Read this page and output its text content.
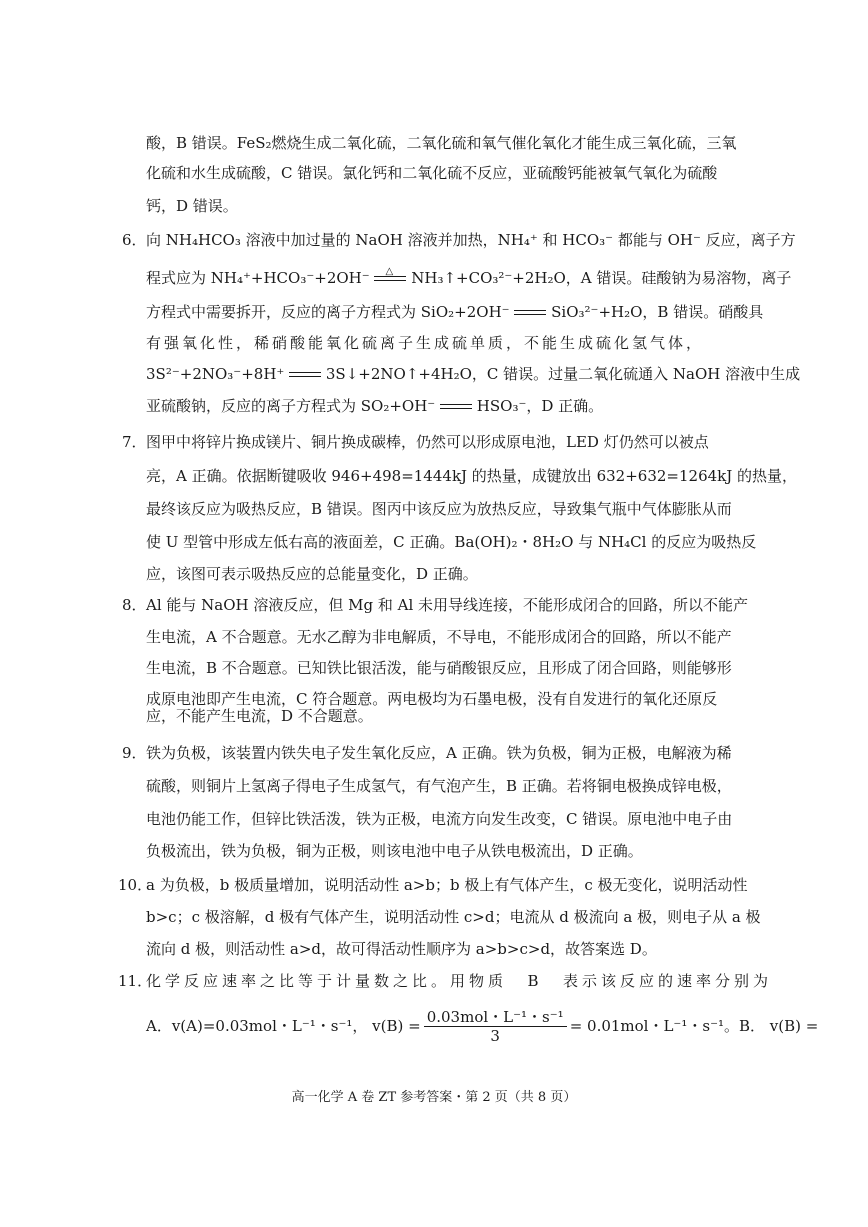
酸，B 错误。FeS₂燃烧生成二氧化硫，二氧化硫和氧气催化氧化才能生成三氧化硫，三氧
化硫和水生成硫酸，C 错误。氯化钙和二氧化硫不反应，亚硫酸钙能被氧气氧化为硫酸
钙，D 错误。
6． 向 NH₄HCO₃ 溶液中加过量的 NaOH 溶液并加热，NH₄⁺ 和 HCO₃⁻ 都能与 OH⁻ 反应，离子方
程式应为 NH₄⁺+HCO₃⁻+2OH⁻ △ NH₃↑+CO₃²⁻+2H₂O，A 错误。硅酸钠为易溶物，离子
方程式中需要拆开，反应的离子方程式为 SiO₂+2OH⁻	SiO₃²⁻+H₂O，B 错误。硝酸具
有强氧化性，稀硝酸能氧化硫离子生成硫单质，不能生成硫化氢气体，
3S²⁻+2NO₃⁻+8H⁺	3S↓+2NO↑+4H₂O，C 错误。过量二氧化硫通入 NaOH 溶液中生成
亚硫酸钠，反应的离子方程式为 SO₂+OH⁻	HSO₃⁻，D 正确。
7． 图甲中将锌片换成镁片、铜片换成碳棒，仍然可以形成原电池，LED 灯仍然可以被点
亮，A 正确。依据断键吸收 946+498=1444kJ 的热量，成键放出 632+632=1264kJ 的热量，
最终该反应为吸热反应，B 错误。图丙中该反应为放热反应，导致集气瓶中气体膨胀从而
使 U 型管中形成左低右高的液面差，C 正确。Ba(OH)₂・8H₂O 与 NH₄Cl 的反应为吸热反
应，该图可表示吸热反应的总能量变化，D 正确。
8． Al 能与 NaOH 溶液反应，但 Mg 和 Al 未用导线连接，不能形成闭合的回路，所以不能产
生电流，A 不合题意。无水乙醇为非电解质，不导电，不能形成闭合的回路，所以不能产
生电流，B 不合题意。已知铁比银活泼，能与硝酸银反应，且形成了闭合回路，则能够形
成原电池即产生电流，C 符合题意。两电极均为石墨电极，没有自发进行的氧化还原反
应，不能产生电流，D 不合题意。
9． 铁为负极，该装置内铁失电子发生氧化反应，A 正确。铁为负极，铜为正极，电解液为稀
硫酸，则铜片上氢离子得电子生成氢气，有气泡产生，B 正确。若将铜电极换成锌电极，
电池仍能工作，但锌比铁活泼，铁为正极，电流方向发生改变，C 错误。原电池中电子由
负极流出，铁为负极，铜为正极，则该电池中电子从铁电极流出，D 正确。
10．
a 为负极，b 极质量增加，说明活动性 a>b；b 极上有气体产生，c 极无变化，说明活动性
b>c；c 极溶解，d 极有气体产生，说明活动性 c>d；电流从 d 极流向 a 极，则电子从 a 极
流向 d 极，则活动性 a>d，故可得活动性顺序为 a>b>c>d，故答案选 D。
11．
化学反应速率之比等于计量数之比。用物质 B 表示该反应的速率分别为
A．v(A)=0.03mol・L⁻¹・s⁻¹， $v(B) = \frac{\text{0.03mol・L⁻¹・s⁻¹}}{3} = 0.01mol$・L⁻¹・s⁻¹。B． v(B) =
高一化学 A 卷 ZT 参考答案・第 2 页（共 8 页）
